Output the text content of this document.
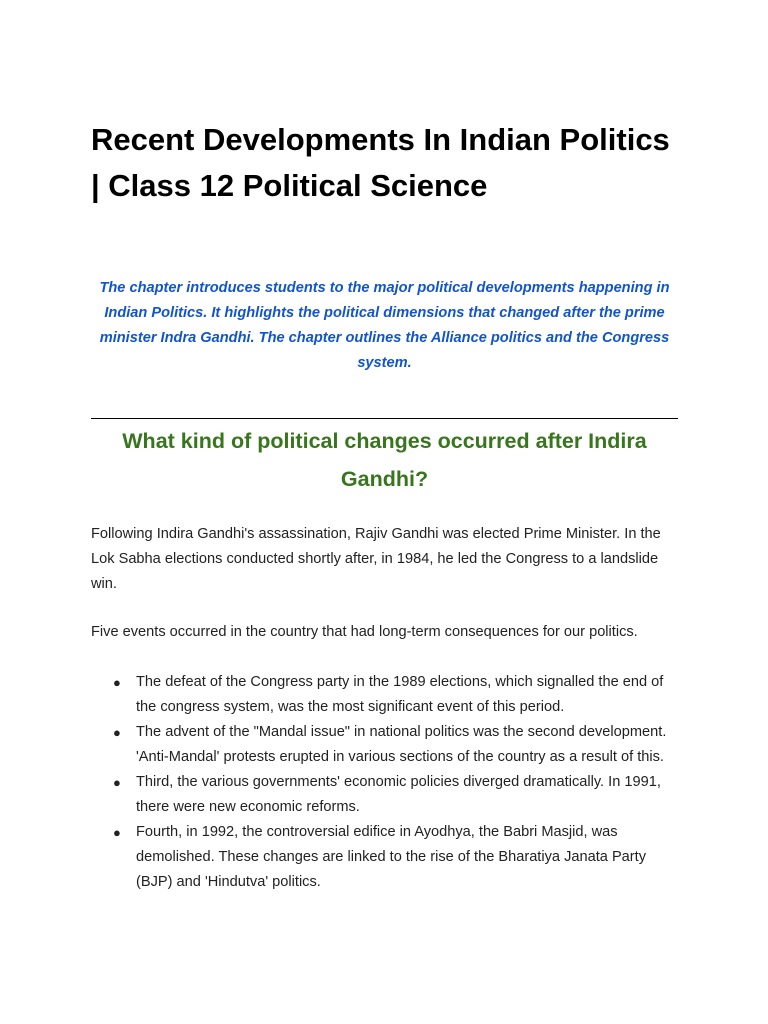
Recent Developments In Indian Politics | Class 12 Political Science

The chapter introduces students to the major political developments happening in Indian Politics. It highlights the political dimensions that changed after the prime minister Indra Gandhi. The chapter outlines the Alliance politics and the Congress system.

What kind of political changes occurred after Indira Gandhi?

Following Indira Gandhi's assassination, Rajiv Gandhi was elected Prime Minister. In the Lok Sabha elections conducted shortly after, in 1984, he led the Congress to a landslide win.

Five events occurred in the country that had long-term consequences for our politics.

● The defeat of the Congress party in the 1989 elections, which signalled the end of the congress system, was the most significant event of this period.
● The advent of the "Mandal issue" in national politics was the second development. 'Anti-Mandal' protests erupted in various sections of the country as a result of this.
● Third, the various governments' economic policies diverged dramatically. In 1991, there were new economic reforms.
● Fourth, in 1992, the controversial edifice in Ayodhya, the Babri Masjid, was demolished. These changes are linked to the rise of the Bharatiya Janata Party (BJP) and 'Hindutva' politics.
